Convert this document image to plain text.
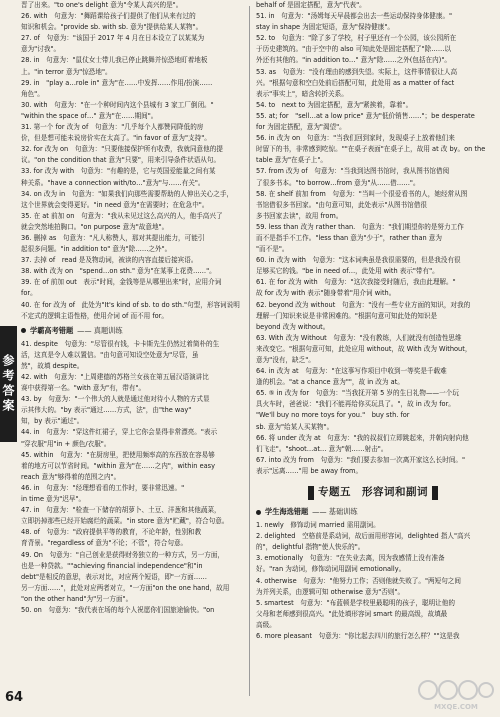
参考答案
晋了出来。"to one's delight 意为"令某人高兴的是"。
26. with　句意为："舞蹈课给孩子们提供了他们从来有过的
知识和机会。"provide sb. with sb. 意为"提供给某人某物"。
27. of　句意为："该国于 2017 年 4 月在日本设立了以某某为
意为"讨我"。
28. in　句意为："鼠仗女士带儿我已停止跳舞并惊恐地盯着地板
上。"in terror 意为"惊恐地"。
29. in　"play a…role in" 意为"在……中发挥……作用/扮演……
角色"。
30. with　句意为："在一个种时间内这个县城有 3 家工厂倒闭。"
"within the space of…" 意为"在……期间"。
31. 第一个 for 改为 of　句意为："几乎每个人都赞同降低的房
价，但是想可能未说房价实在太高了。"in favor of 意为"支持"。
32. for 改为 on　句意为："只要他接保护所有收费，我就同意他的提
议。"on the condition that 意为"只要"，用来引导条件状语从句。
33. for 改为 with　句意为："有趣的是，它与英国爱能量之间有某
种关系。"have a connection with/to…"意为"与……有关"。
34. on 改为 in　句意为："如果我们向那些需要帮助的人伸出关心之手，
这个世界就会变得更好。"in need 意为"在需要时；在危急中"。
35. 在 at 前加 on　句意为："我从未见过这么高兴的人，他手高兴了
就会突然地拍胸口。"on purpose 意为"故意地"。
36. 删掉 as　句意为："凡人称赞人，那对其提出能力，可能引
起很多问题。"in addition to" 意为"除……之外"。
37. 去掉 of　read 是及物动词，被读的内容直接后接宾语。
38. with 改为 on　"spend…on sth." 意为"在某事上花费……"。
39. 在 of 前加 out　表示"时间，金钱等是从哪里出来"时，应用介词
for。
40. 在 for 改为 of　此处为"It's kind of sb. to do sth."句型，形容词说明
不定式的逻辑主语性格，使用介词 of 而不用 for。
学霸高考错题 —— 真题训练
41. despite　句意为："尽管很有钱，卡卡斯先生仍然过着简朴的生
活，这真是令人难以置信。"由句意可知设空处意为"尽管，虽
然"，故填 despite。
42. with　句意为："上周建德的苏格兰女孩在第五届汉语演讲比
赛中获得第一名。"with 意为"有，带有"。
43. by　句意为："一个伟大的人就是通过他对待小人物的方式显
示其伟大的。"by 表示"通过……方式，法"，由"the way"
知，by 表示"通过"。
44. in　句意为："穿这件红裙子，穿上它你会显得非常漂亮。"表示
"穿衣服"用"in + 颜色/衣服"。
45. within　句意为："在厨房里，把使用频率高的东西放在容易够
着的地方可以节省时间。"within 意为"在……之内"，within easy
reach 意为"够得着的范围之内"。
46. in　句意为："经理想看看的工作时，要非常迅速。"
in time 意为"迟早"。
47. in　句意为："检查一下储存的胡萝卜、土豆、洋葱和其他蔬菜，
立即扔掉那些已经开始腐烂的蔬菜。"in store 意为"贮藏"，符合句意。
48. of　句意为："政府提供平等的教育，不论年龄，性别和教
育背景。"regardless of 意为"不论；不管"，符合句意。
49. On　句意为："自己创业是获得财务独立的一种方式，另一方面，
也是一种贷款。""achieving financial independence"和"in
debt"是相反的意思，表示对比，对应两个短语，即"一方面……
另一方面……"，此处对应两者对立，"一方面"on the one hand，故用
"on the other hand"为"另一方面"。
50. on　句意为："我代表在场的每个人祝愿你们国旅途愉快。"on
behalf of 是固定搭配，意为"代表"。
51. in　句意为："汤姆每天早晨都会出去一些运动保持身体健康。"
stay in shape 为固定短语，意为"保持健康"。
52. to　句意为："除了多了学校，村子里还有一个公园，该公园所在
于历史建筑的。"由于空中的 also 可知此处是固定搭配了"除……以
外还有其他的。"in addition to…" 意为"除……之外(包括在内)"。
53. as　句意为："没有理由的感到失望。实际上，这件事情很让人高
兴。"根据句意和空白处前后搭配可知，此处用 as a matter of fact
表示"事实上"，暗含转折关系。
54. to　next to 为固定搭配，意为"紧挨着，靠着"。
55. at; for　"sell…at a low price" 意为"低价销售……"；be desperate
for 为固定搭配，意为"渴望"。
56. in 改为 on　句意为："当我们回到家时，发现桌子上放着他们来
时留下的书，非常感到吃惊。""在桌子表面"在桌子上，故用 at 改 by。on the
table 意为"在桌子上"。
57. from 改为 of　句意为："当我到达图书馆时，我从图书馆借阅
了很多书本。"to borrow…from 意为"从……借……"。
58. 在 shelf 前加 from　句意为："当叫一个很爱看书的人，她经常从图
书馆借很多书回家。"由句意可知，此处表示"从图书馆借很
多书回家去读"，故用 from。
59. less than 改为 rather than.　句意为："我们期望你的是努力工作
而不是指手不工作。"less than 意为"少于"，rather than 意为
"而不是"。
60. in 改为 with　句意为："这本词典虽是我很需要的，但是我没有很
足够买它的钱。"be in need of…，此处用 with 表示"带有"。
61. 在 for 改为 with　句意为："这次我接受时随后，我由此理解。"
故 for 改为 with 表示"随身带着"用介词 with。
62. beyond 改为 without　句意为："没有一些专业方面的知识，对我的
理解一门知识来说是非常困难的。"根据句意可知此处的知识是
beyond 改为 without。
63. With 改为 Without　句意为："没有教练，人们就没有创造性思维
来改变它。"根据句意可知，此处应用 without，故 With 改为 Without，
意为"没有，缺乏"。
64. in 改为 at　句意为："在这事写作项目中收到一等奖是千载难
逢的机会。"at a chance 意为""，故 in 改为 at。
65. ⑤ in 改为 for　句意为："当我抚开第 5 岁的生日礼物——一个玩
具火车时，爸爸说："我们不能再给你买玩具了。"，故 in 改为 for。
"We'll buy no more toys for you."　buy sth. for
sb. 意为"给某人买某物"。
66. 将 under 改为 at　句意为："我的叔叔们立即跳起来，并朝向射向他
们飞走"。"shoot…at… 意为"朝……射击"。
67. into 改为 from　句意为："我们要去参加一次离开家这么长时间。"
表示"远离……"用 be away from。
专题五　形容词和副词
学生海选错题 —— 基础训练
1. newly　修饰动词 married 需用副词。
2. delighted　空格前是系动词，故后面用形容词，delighted 指人"高兴
的"，delightful 指物"使人快乐的"。
3. emotionally　句意为："在失业去离，因为我感情上没有准备
好。"ran 为动词，修饰动词用副词 emotionally。
4. otherwise　句意为："他努力工作；否则他就失败了。"两短句之间
为并列关系，由逻辑可知 otherwise 意为"否则"。
5. smartest　句意为："布蓝顿是学校里最聪明的孩子，聪明让他的
父母和老师感到很高兴。"此处填形容词 smart 的最高级，故填最
高级。
6. more pleasant　句意为："你比起去四川的旅行怎么样？""这是我
64
MXQE.COM
